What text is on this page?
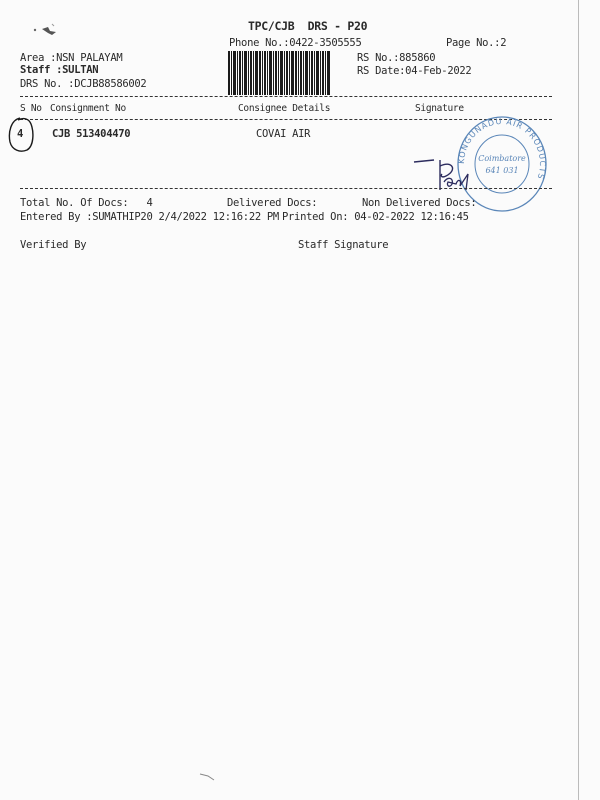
TPC/CJB  DRS - P20
Phone No.:0422-3505555	Page No.:2
Area :NSN PALAYAM
Staff :SULTAN
DRS No. :DCJB88586002
RS No.:885860
RS Date:04-Feb-2022
S No Consignment No	Consignee Details	Signature
4	CJB 513404470	COVAI AIR
KONGUNADU AIR PRODUCTS
Coimbatore
641 031
Total No. Of Docs:   4	Delivered Docs:	Non Delivered Docs:
Entered By :SUMATHIP20 2/4/2022 12:16:22 PM Printed On: 04-02-2022 12:16:45
Verified By	Staff Signature
